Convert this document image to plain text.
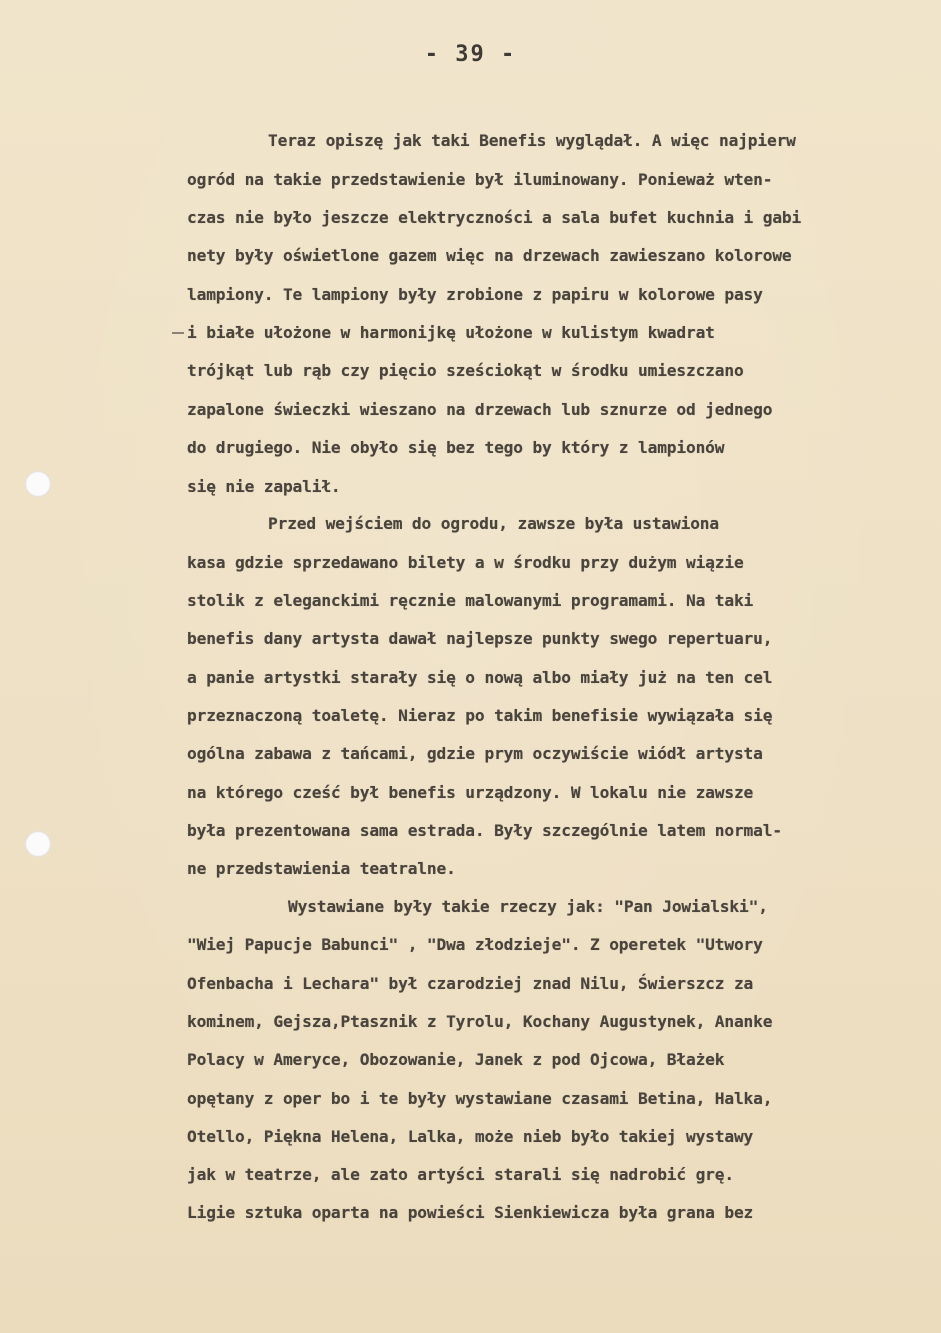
- 39 -
Teraz opiszę jak taki Benefis wyglądał. A więc najpierw
ogród na takie przedstawienie był iluminowany. Ponieważ wten-
czas nie było jeszcze elektryczności a sala bufet kuchnia i gabi
nety były oświetlone gazem więc na drzewach zawieszano kolorowe
lampiony. Te lampiony były zrobione z papiru w kolorowe pasy
i białe ułożone w harmonijkę ułożone w kulistym kwadrat
trójkąt lub rąb czy pięcio sześciokąt w środku umieszczano
zapalone świeczki wieszano na drzewach lub sznurze od jednego
do drugiego. Nie obyło się bez tego by który z lampionów
się nie zapalił.
Przed wejściem do ogrodu, zawsze była ustawiona
kasa gdzie sprzedawano bilety a w środku przy dużym wiązie
stolik z eleganckimi ręcznie malowanymi programami. Na taki
benefis dany artysta dawał najlepsze punkty swego repertuaru,
a panie artystki starały się o nową albo miały już na ten cel
przeznaczoną toaletę. Nieraz po takim benefisie wywiązała się
ogólna zabawa z tańcami, gdzie prym oczywiście wiódł artysta
na którego cześć był benefis urządzony. W lokalu nie zawsze
była prezentowana sama estrada. Były szczególnie latem normal-
ne przedstawienia teatralne.
Wystawiane były takie rzeczy jak: "Pan Jowialski",
"Wiej Papucje Babunci" , "Dwa złodzieje". Z operetek "Utwory
Ofenbacha i Lechara" był czarodziej znad Nilu, Świerszcz za
kominem, Gejsza,Ptasznik z Tyrolu, Kochany Augustynek, Ananke
Polacy w Ameryce, Obozowanie, Janek z pod Ojcowa, Błażek
opętany z oper bo i te były wystawiane czasami Betina, Halka,
Otello, Piękna Helena, Lalka, może nieb było takiej wystawy
jak w teatrze, ale zato artyści starali się nadrobić grę.
Ligie sztuka oparta na powieści Sienkiewicza była grana bez
